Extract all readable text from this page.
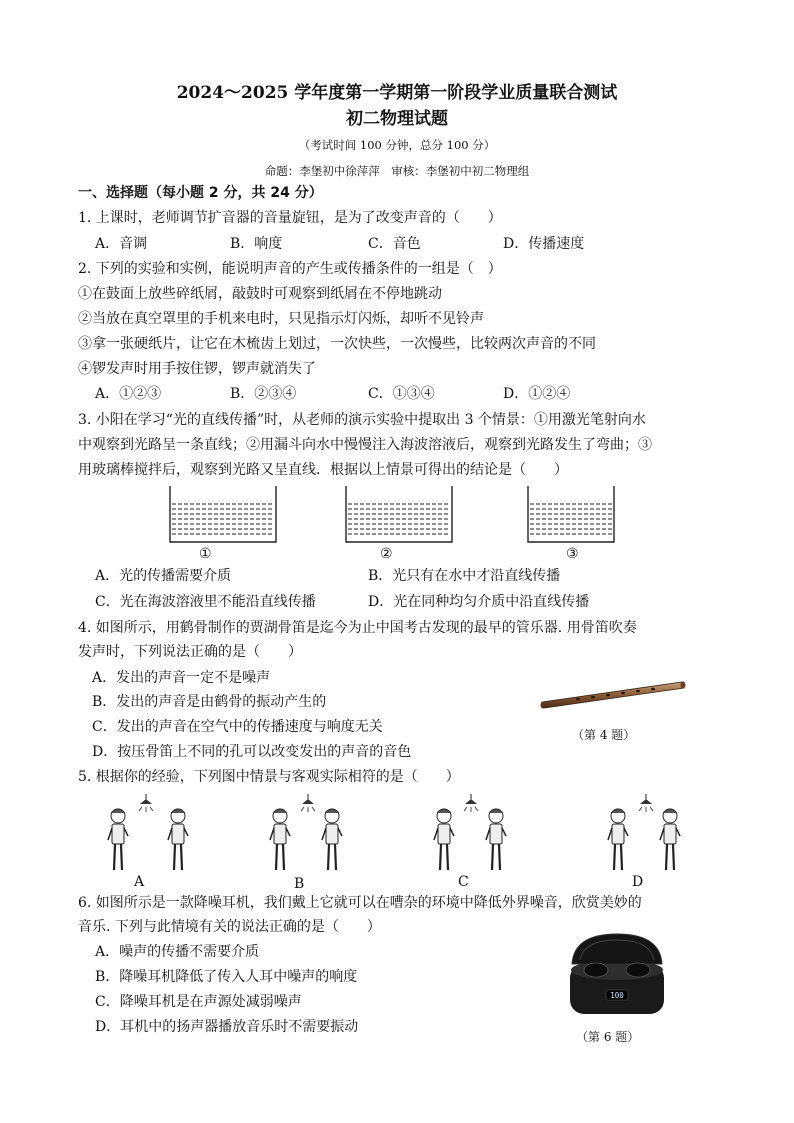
2024～2025 学年度第一学期第一阶段学业质量联合测试
初二物理试题
（考试时间 100 分钟，总分 100 分）
命题：李堡初中徐萍萍　审核：李堡初中初二物理组
一、选择题（每小题 2 分，共 24 分）
1. 上课时，老师调节扩音器的音量旋钮，是为了改变声音的（　　）
A．音调	B．响度	C．音色	D．传播速度
2. 下列的实验和实例，能说明声音的产生或传播条件的一组是（　）
①在鼓面上放些碎纸屑，敲鼓时可观察到纸屑在不停地跳动
②当放在真空罩里的手机来电时，只见指示灯闪烁，却听不见铃声
③拿一张硬纸片，让它在木梳齿上划过，一次快些，一次慢些，比较两次声音的不同
④锣发声时用手按住锣，锣声就消失了
A．①②③	B．②③④	C．①③④	D．①②④
3. 小阳在学习“光的直线传播”时，从老师的演示实验中提取出 3 个情景：①用激光笔射向水
中观察到光路呈一条直线；②用漏斗向水中慢慢注入海波溶液后，观察到光路发生了弯曲；③
用玻璃棒搅拌后，观察到光路又呈直线．根据以上情景可得出的结论是（　　）
①	②	③
A．光的传播需要介质	B．光只有在水中才沿直线传播
C．光在海波溶液里不能沿直线传播	D．光在同种均匀介质中沿直线传播
4. 如图所示，用鹤骨制作的贾湖骨笛是迄今为止中国考古发现的最早的管乐器. 用骨笛吹奏
发声时，下列说法正确的是（　　）
A．发出的声音一定不是噪声
B．发出的声音是由鹤骨的振动产生的
C．发出的声音在空气中的传播速度与响度无关
D．按压骨笛上不同的孔可以改变发出的声音的音色
（第 4 题）
5. 根据你的经验，下列图中情景与客观实际相符的是（　　）
A	B	C	D
6. 如图所示是一款降噪耳机，我们戴上它就可以在嘈杂的环境中降低外界噪音，欣赏美妙的
音乐. 下列与此情境有关的说法正确的是（　　）
A．噪声的传播不需要介质
B．降噪耳机降低了传入人耳中噪声的响度
C．降噪耳机是在声源处减弱噪声
D．耳机中的扬声器播放音乐时不需要振动
100
（第 6 题）
